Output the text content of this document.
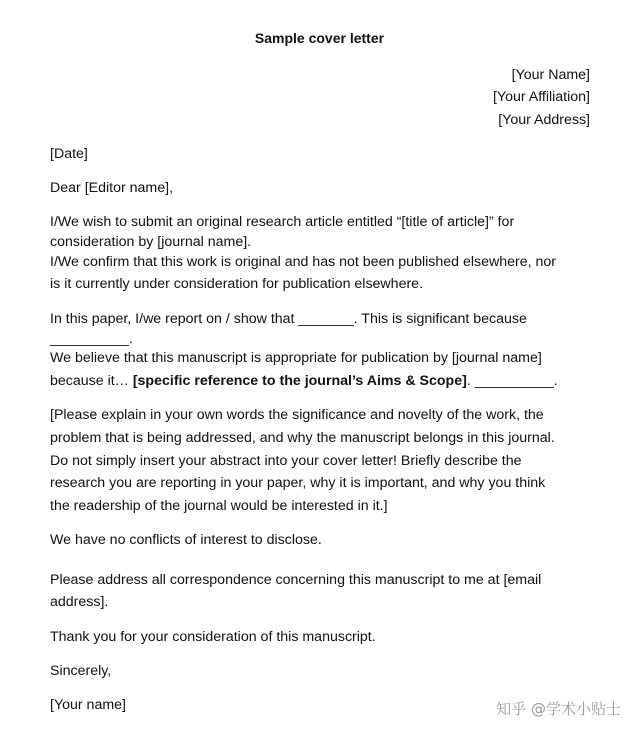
Sample cover letter
[Your Name]
[Your Affiliation]
[Your Address]
[Date]
Dear [Editor name],
I/We wish to submit an original research article entitled “[title of article]” for
consideration by [journal name].
I/We confirm that this work is original and has not been published elsewhere, nor
is it currently under consideration for publication elsewhere.
In this paper, I/we report on / show that _______. This is significant because
__________.
We believe that this manuscript is appropriate for publication by [journal name]
because it… [specific reference to the journal’s Aims & Scope]. __________.
[Please explain in your own words the significance and novelty of the work, the
problem that is being addressed, and why the manuscript belongs in this journal.
Do not simply insert your abstract into your cover letter! Briefly describe the
research you are reporting in your paper, why it is important, and why you think
the readership of the journal would be interested in it.]
We have no conflicts of interest to disclose.
Please address all correspondence concerning this manuscript to me at [email
address].
Thank you for your consideration of this manuscript.
Sincerely,
[Your name]	知乎 @学术小贴士
